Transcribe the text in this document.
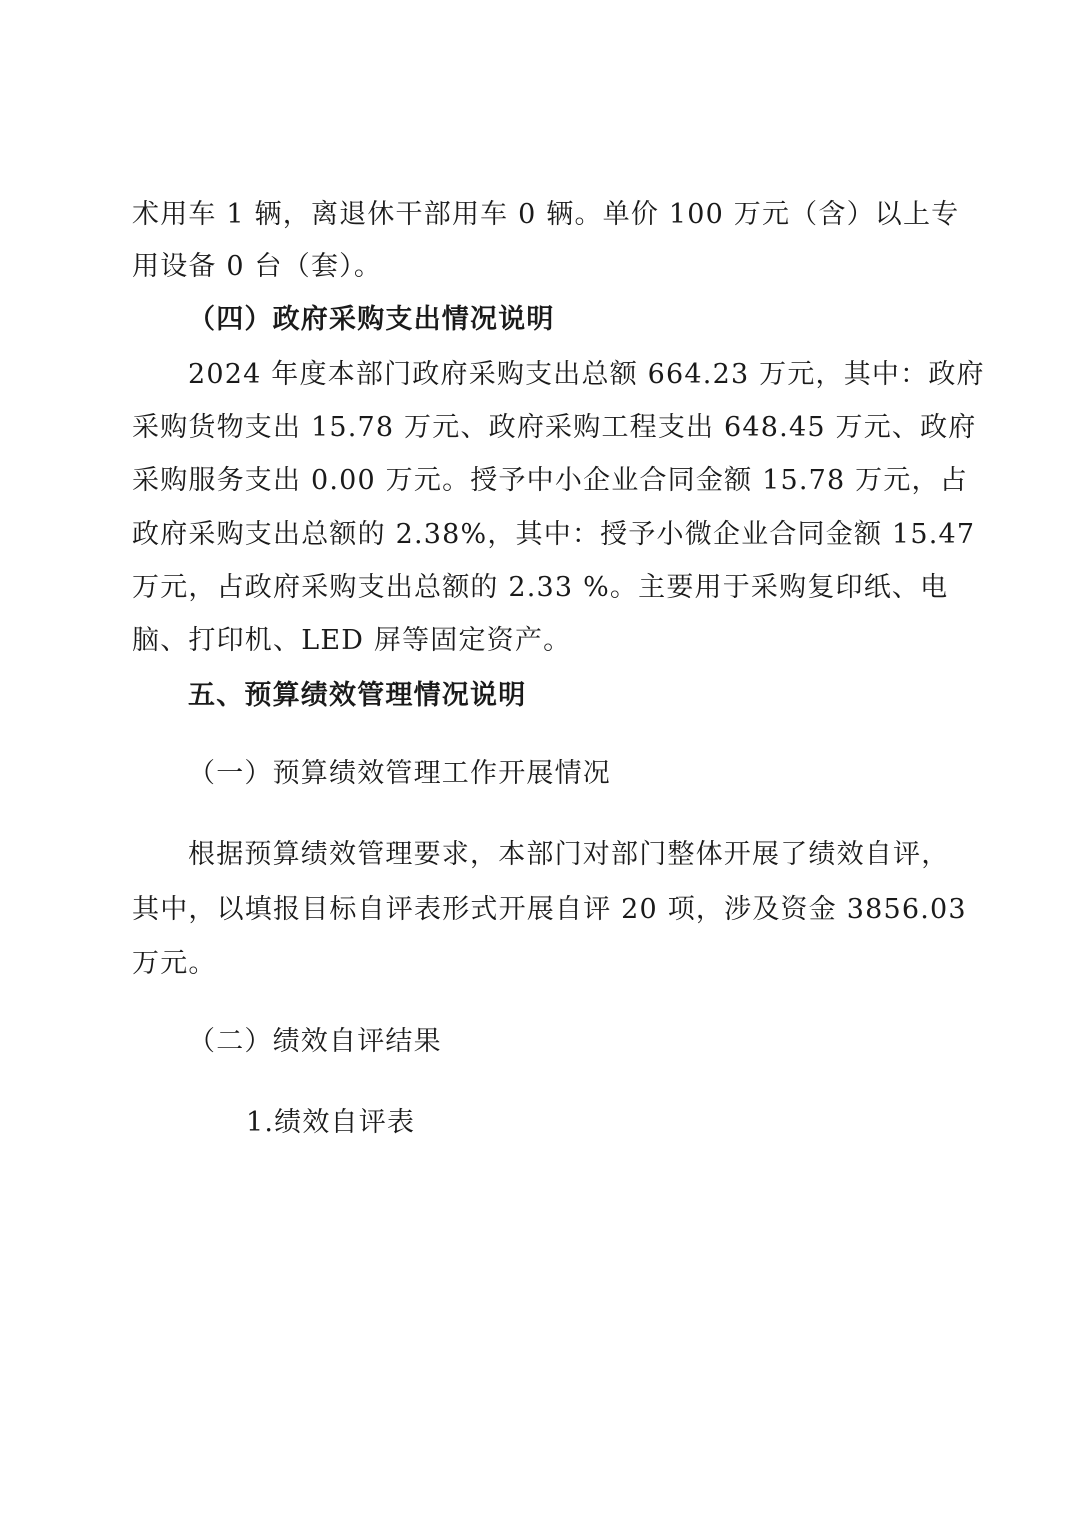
术用车 1 辆，离退休干部用车 0 辆。单价 100 万元（含）以上专
用设备 0 台（套）。
（四）政府采购支出情况说明
2024 年度本部门政府采购支出总额 664.23 万元，其中：政府
采购货物支出 15.78 万元、政府采购工程支出 648.45 万元、政府
采购服务支出 0.00 万元。授予中小企业合同金额 15.78 万元，占
政府采购支出总额的 2.38%，其中：授予小微企业合同金额 15.47
万元，占政府采购支出总额的 2.33 %。主要用于采购复印纸、电
脑、打印机、LED 屏等固定资产。
五、预算绩效管理情况说明
（一）预算绩效管理工作开展情况
根据预算绩效管理要求，本部门对部门整体开展了绩效自评，
其中，以填报目标自评表形式开展自评 20 项，涉及资金 3856.03
万元。
（二）绩效自评结果
1.绩效自评表
